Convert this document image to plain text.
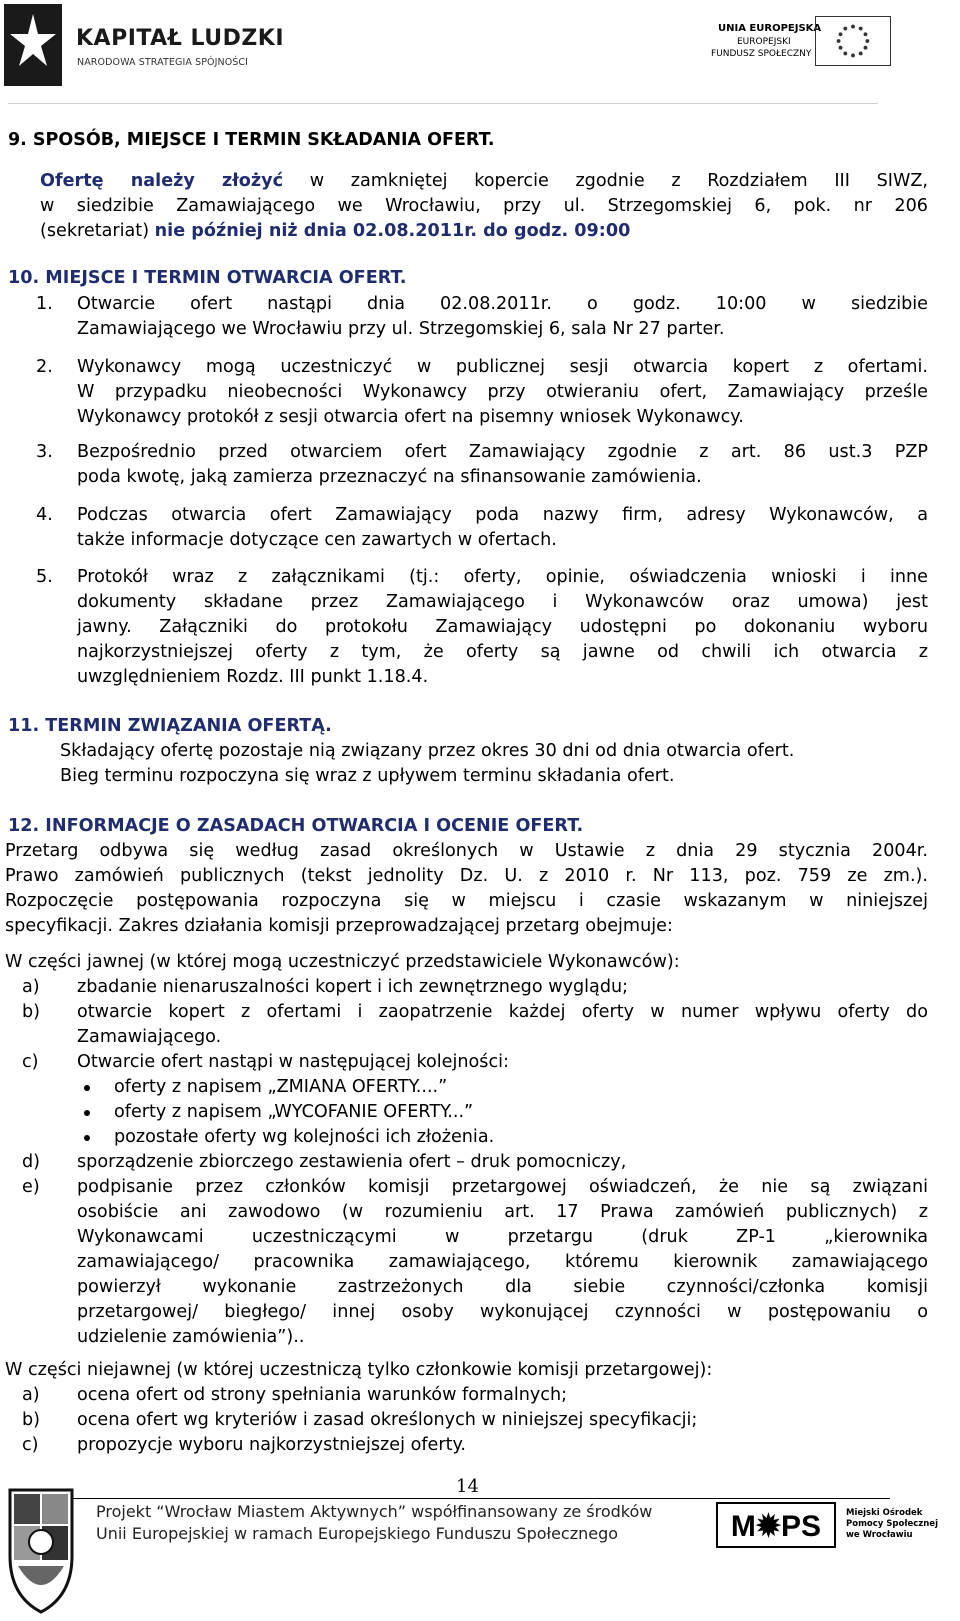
KAPITAŁ LUDZKI
NARODOWA STRATEGIA SPÓJNOŚCI
UNIA EUROPEJSKA
EUROPEJSKI
FUNDUSZ SPOŁECZNY
9. SPOSÓB, MIEJSCE I TERMIN SKŁADANIA OFERT.
Ofertę należy złożyć w zamkniętej kopercie zgodnie z Rozdziałem III SIWZ,
w siedzibie Zamawiającego we Wrocławiu, przy ul. Strzegomskiej 6, pok. nr 206
(sekretariat) nie później niż dnia 02.08.2011r. do godz. 09:00
10. MIEJSCE I TERMIN OTWARCIA OFERT.
1. Otwarcie ofert nastąpi dnia 02.08.2011r. o godz. 10:00 w siedzibie
Zamawiającego we Wrocławiu przy ul. Strzegomskiej 6, sala Nr 27 parter.
2. Wykonawcy mogą uczestniczyć w publicznej sesji otwarcia kopert z ofertami.
W przypadku nieobecności Wykonawcy przy otwieraniu ofert, Zamawiający prześle
Wykonawcy protokół z sesji otwarcia ofert na pisemny wniosek Wykonawcy.
3. Bezpośrednio przed otwarciem ofert Zamawiający zgodnie z art. 86 ust.3 PZP
poda kwotę, jaką zamierza przeznaczyć na sfinansowanie zamówienia.
4. Podczas otwarcia ofert Zamawiający poda nazwy firm, adresy Wykonawców, a
także informacje dotyczące cen zawartych w ofertach.
5. Protokół wraz z załącznikami (tj.: oferty, opinie, oświadczenia wnioski i inne
dokumenty składane przez Zamawiającego i Wykonawców oraz umowa) jest
jawny. Załączniki do protokołu Zamawiający udostępni po dokonaniu wyboru
najkorzystniejszej oferty z tym, że oferty są jawne od chwili ich otwarcia z
uwzględnieniem Rozdz. III punkt 1.18.4.
11. TERMIN ZWIĄZANIA OFERTĄ.
Składający ofertę pozostaje nią związany przez okres 30 dni od dnia otwarcia ofert.
Bieg terminu rozpoczyna się wraz z upływem terminu składania ofert.
12. INFORMACJE O ZASADACH OTWARCIA I OCENIE OFERT.
Przetarg odbywa się według zasad określonych w Ustawie z dnia 29 stycznia 2004r.
Prawo zamówień publicznych (tekst jednolity Dz. U. z 2010 r. Nr 113, poz. 759 ze zm.).
Rozpoczęcie postępowania rozpoczyna się w miejscu i czasie wskazanym w niniejszej
specyfikacji. Zakres działania komisji przeprowadzającej przetarg obejmuje:
W części jawnej (w której mogą uczestniczyć przedstawiciele Wykonawców):
a) zbadanie nienaruszalności kopert i ich zewnętrznego wyglądu;
b) otwarcie kopert z ofertami i zaopatrzenie każdej oferty w numer wpływu oferty do
Zamawiającego.
c) Otwarcie ofert nastąpi w następującej kolejności:
oferty z napisem „ZMIANA OFERTY....”
oferty z napisem „WYCOFANIE OFERTY...”
pozostałe oferty wg kolejności ich złożenia.
d) sporządzenie zbiorczego zestawienia ofert – druk pomocniczy,
e) podpisanie przez członków komisji przetargowej oświadczeń, że nie są związani
osobiście ani zawodowo (w rozumieniu art. 17 Prawa zamówień publicznych) z
Wykonawcami uczestniczącymi w przetargu (druk ZP-1 „kierownika
zamawiającego/ pracownika zamawiającego, któremu kierownik zamawiającego
powierzył wykonanie zastrzeżonych dla siebie czynności/członka komisji
przetargowej/ biegłego/ innej osoby wykonującej czynności w postępowaniu o
udzielenie zamówienia”)..
W części niejawnej (w której uczestniczą tylko członkowie komisji przetargowej):
a) ocena ofert od strony spełniania warunków formalnych;
b) ocena ofert wg kryteriów i zasad określonych w niniejszej specyfikacji;
c) propozycje wyboru najkorzystniejszej oferty.
14
Projekt “Wrocław Miastem Aktywnych” współfinansowany ze środków
Unii Europejskiej w ramach Europejskiego Funduszu Społecznego	M✹PS	Miejski Ośrodek
Pomocy Społecznej
we Wrocławiu
